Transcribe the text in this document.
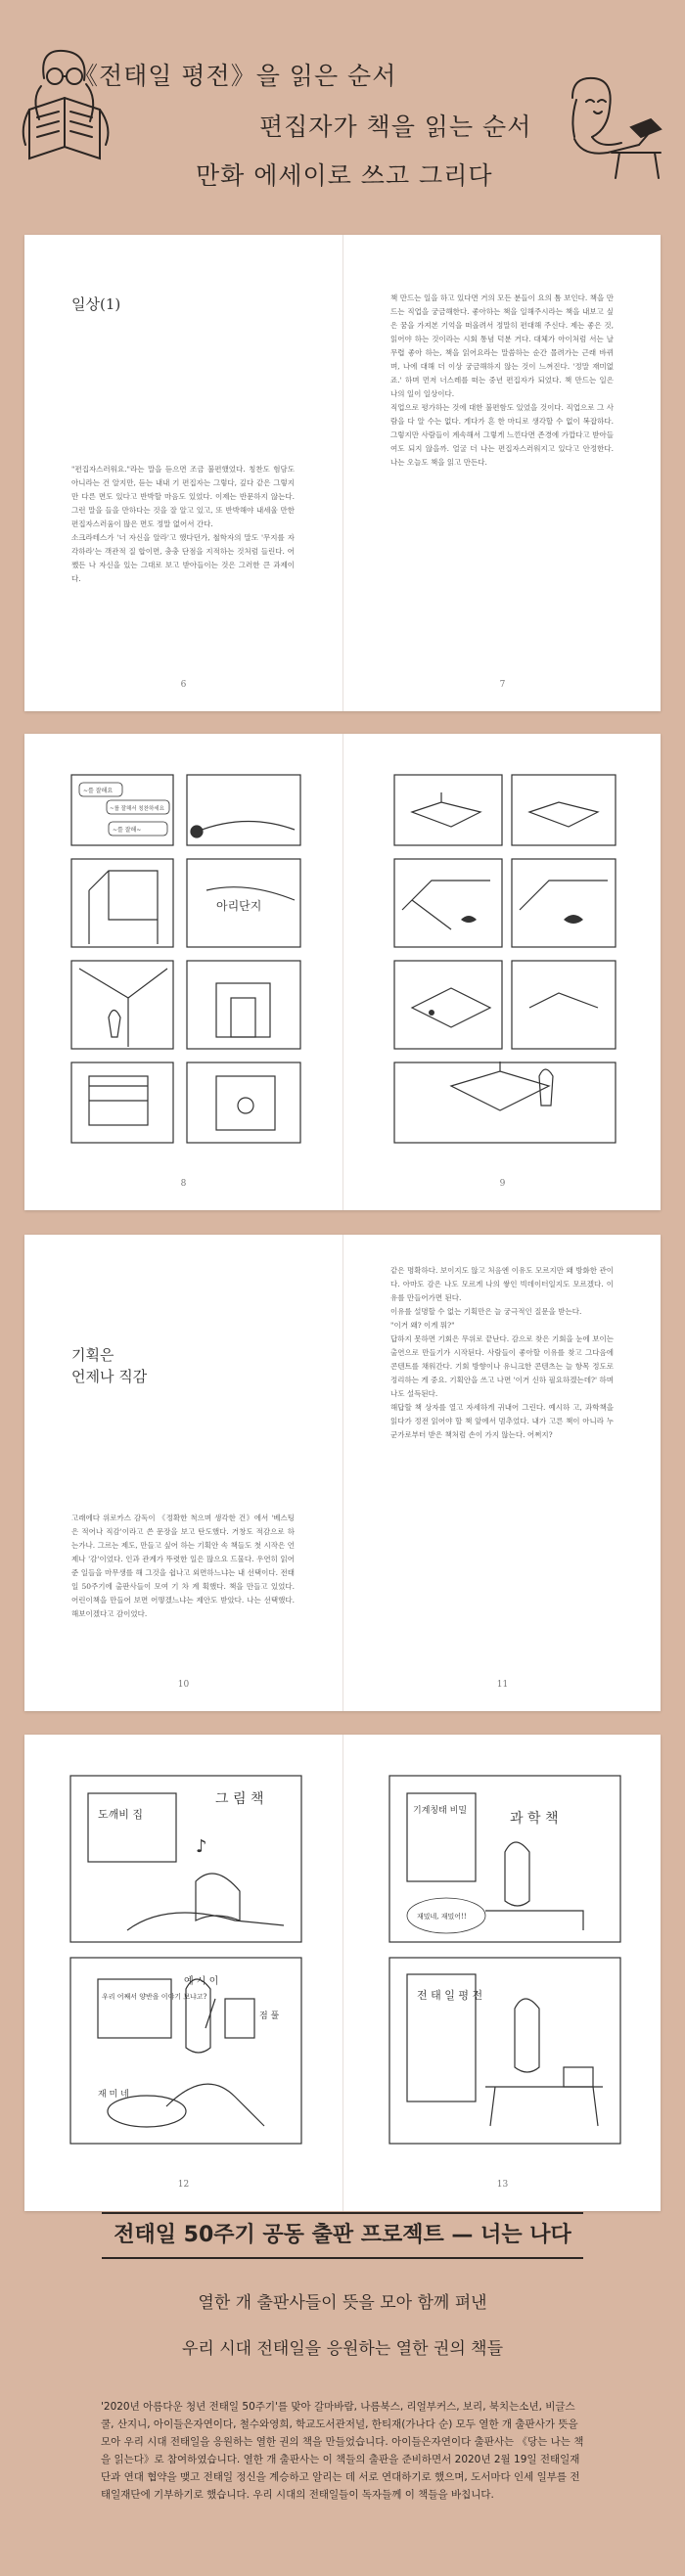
《전태일 평전》을 읽은 순서
편집자가 책을 읽는 순서
만화 에세이로 쓰고 그리다
일상(1)
"편집자스러워요."라는 말을 듣으면 조금 불편했었다. 칭찬도 험담도 아니라는 건 알지만, 듣는 내내 기 편집자는 그렇다, 깊다 같은 그렇지만 다른 면도 있다고 반박할 마음도 있었다. 이제는 반문하지 않는다. 그런 말을 들을 만하다는 것을 잘 알고 있고, 또 반박해야 내세울 만한 편집자스러움이 많은 면도 정말 없어서 간다.
소크라테스가 '너 자신을 알라'고 했다던가, 철학자의 말도 '무지를 자각하라'는 객관적 질 합이면, 충충 단점을 지적하는 것처럼 들린다. 어쨌든 나 자신을 있는 그대로 보고 받아들이는 것은 그러한 큰 과제이다.
6
책 만드는 일을 하고 있다면 거의 모든 분들이 요의 톰 보인다. 책을 만드는 직업을 궁금해한다. 좋아하는 책을 일해주시라는 책을 내보고 싶은 꿈을 가져본 기억을 떠올려서 정말히 편대해 주신다. 제는 좋은 것, 읽어야 하는 것이라는 시회 통념 덕분 거다. 대체가 아이처럼 서는 날 무렵 좋아 하는, 책을 읽어요라는 말씀하는 순간 몰려가는 근래 바뀌며, 나에 대해 더 이상 궁금해하지 않는 것이 느껴진다. '정말 재미없죠.' 하며 먼저 너스레를 떠는 중년 편집자가 되었다. 책 만드는 일은 나의 일이 일상이다.
직업으로 평가하는 것에 대한 불편함도 있었을 것이다. 직업으로 그 사람을 다 알 수는 없다. 게다가 흔 한 마디로 생각할 수 없이 복잡하다. 그렇지만 사람들이 계속해서 그렇게 느낀다면 존경에 가깝다고 받아들여도 되지 않을까. 얼굴 더 나는 편집자스러워지고 있다고 안정한다. 나는 오늘도 책을 읽고 만든다.
7
~를 잘해요
~를 잘해서 칭찬하세요
~를 잘해~
아리단지
8	9
기획은
언제나 직감
고래에다 위로카스 감독이 《정확한 척으며 생각한 건》에서 '베스팅은 적어나 직감'이라고 쓴 문장을 보고 탄도했다. 거창도 적감으로 하는가나. 그르는 제도, 만들고 싶어 하는 기획안 속 책들도 첫 시작은 언제나 '감'이었다. 인과 관계가 뚜렷한 일은 많으요 드물다. 우연히 읽어준 일들을 마무생를 해 그것을 쉽나고 외면하느냐는 내 선택이다. 전태일 50주기에 출판사들이 모여 기 차 계 획했다. 책을 만들고 있었다. 어린이책을 만들어 보면 어떻겠느냐는 제안도 받았다. 나는 선택했다. 해보이겠다고 감이었다.
10
같은 명확하다. 보이지도 않고 처음엔 이유도 모르지만 왜 방화한 관이다. 아마도 감은 나도 모르게 나의 쌓인 빅데이터일지도 모르겠다. 이유를 만들어가면 된다.
이유를 설명할 수 없는 기획만은 늘 궁극적인 질문을 받는다.
"이거 왜? 이게 뭐?"
답하지 못하면 기회은 무위로 끝난다. 감으로 찾은 기회을 눈에 보이는 출연으로 만들기가 시작된다. 사람들이 좋아할 이유를 찾고 그다음에 콘텐트를 채워간다. 기회 방향이나 유니크한 콘텐츠는 늘 항목 정도로 정리하는 게 중요. 기획안을 쓰고 나면 '이거 신하 필요하겠는데?' 하며 나도 설득된다.
해답할 책 상자를 열고 자세하게 귀내어 그린다. 예시하 고, 과학책을 읽다가 정전 읽어야 할 책 앞에서 멈추었다. 내가 고른 책이 아니라 누군가로부터 받은 책처럼 손이 가지 않는다. 어쩌지?
11
도깨비 집
그 림 책
♪
우리 어째서 양반을 이야기 보냐고?
예 시 이
점 풀
재 미 네
12
기계칭태 비밀	과 학 책
재밌네, 재밌어!!
전 태 일 평 전
13
전태일 50주기 공동 출판 프로젝트 — 너는 나다
열한 개 출판사들이 뜻을 모아 함께 펴낸
우리 시대 전태일을 응원하는 열한 권의 책들
'2020년 아름다운 청년 전태일 50주기'를 맞아 갈마바람, 나름북스, 리얼부커스, 보리, 북치는소년, 비글스쿨, 산지니, 아이들은자연이다, 철수와영희, 학교도서관저널, 한티재(가나다 순) 모두 열한 개 출판사가 뜻을 모아 우리 시대 전태일을 응원하는 열한 권의 책을 만들었습니다. 아이들은자연이다 출판사는 《당는 나는 책을 읽는다》로 참여하였습니다. 열한 개 출판사는 이 책들의 출판을 준비하면서 2020년 2월 19일 전태일재단과 연대 협약을 맺고 전태일 정신을 계승하고 알리는 데 서로 연대하기로 했으며, 도서마다 인세 일부를 전태일재단에 기부하기로 했습니다. 우리 시대의 전태일들이 독자들께 이 책들을 바칩니다.
